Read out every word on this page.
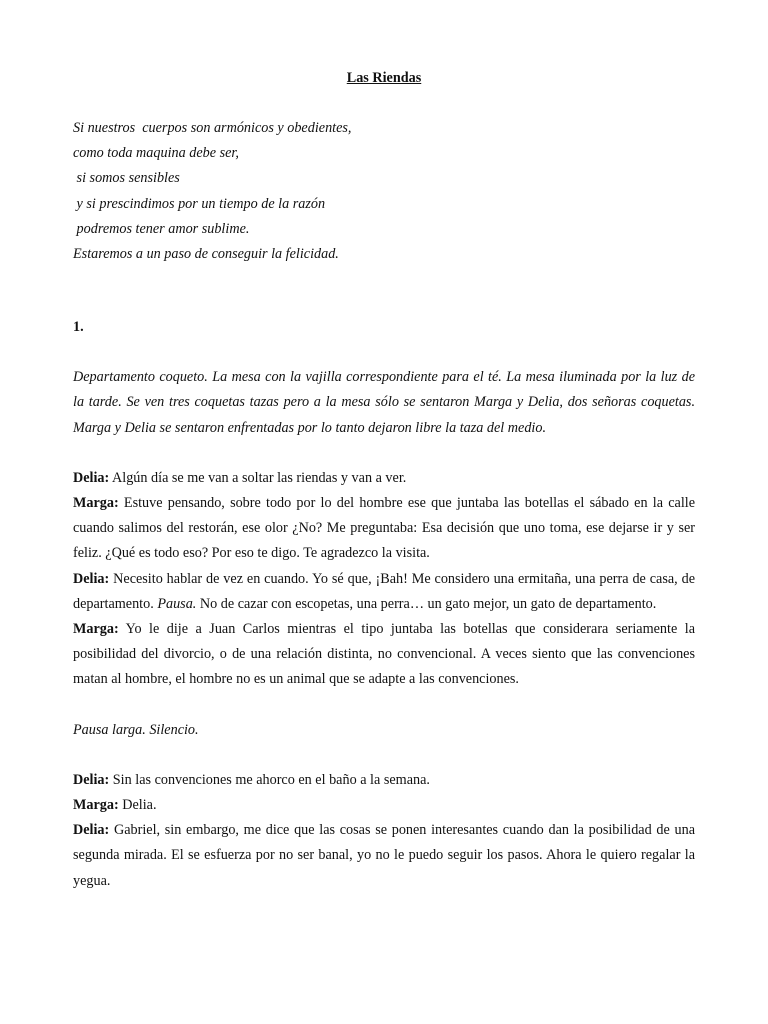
Las Riendas
Si nuestros  cuerpos son armónicos y obedientes,
como toda maquina debe ser,
si somos sensibles
y si prescindimos por un tiempo de la razón
podremos tener amor sublime.
Estaremos a un paso de conseguir la felicidad.
1.
Departamento coqueto. La mesa con la vajilla correspondiente para el té. La mesa iluminada por la luz de la tarde. Se ven tres coquetas tazas pero a la mesa sólo se sentaron Marga y Delia, dos señoras coquetas. Marga y Delia se sentaron enfrentadas por lo tanto dejaron libre la taza del medio.
Delia: Algún día se me van a soltar las riendas y van a ver.
Marga: Estuve pensando, sobre todo por lo del hombre ese que juntaba las botellas el sábado en la calle cuando salimos del restorán, ese olor ¿No? Me preguntaba: Esa decisión que uno toma, ese dejarse ir y ser feliz. ¿Qué es todo eso? Por eso te digo. Te agradezco la visita.
Delia: Necesito hablar de vez en cuando. Yo sé que, ¡Bah! Me considero una ermitaña, una perra de casa, de departamento. Pausa. No de cazar con escopetas, una perra… un gato mejor, un gato de departamento.
Marga: Yo le dije a Juan Carlos mientras el tipo juntaba las botellas que considerara seriamente la posibilidad del divorcio, o de una relación distinta, no convencional. A veces siento que las convenciones matan al hombre, el hombre no es un animal que se adapte a las convenciones.
Pausa larga. Silencio.
Delia: Sin las convenciones me ahorco en el baño a la semana.
Marga: Delia.
Delia: Gabriel, sin embargo, me dice que las cosas se ponen interesantes cuando dan la posibilidad de una segunda mirada. El se esfuerza por no ser banal, yo no le puedo seguir los pasos. Ahora le quiero regalar la yegua.
